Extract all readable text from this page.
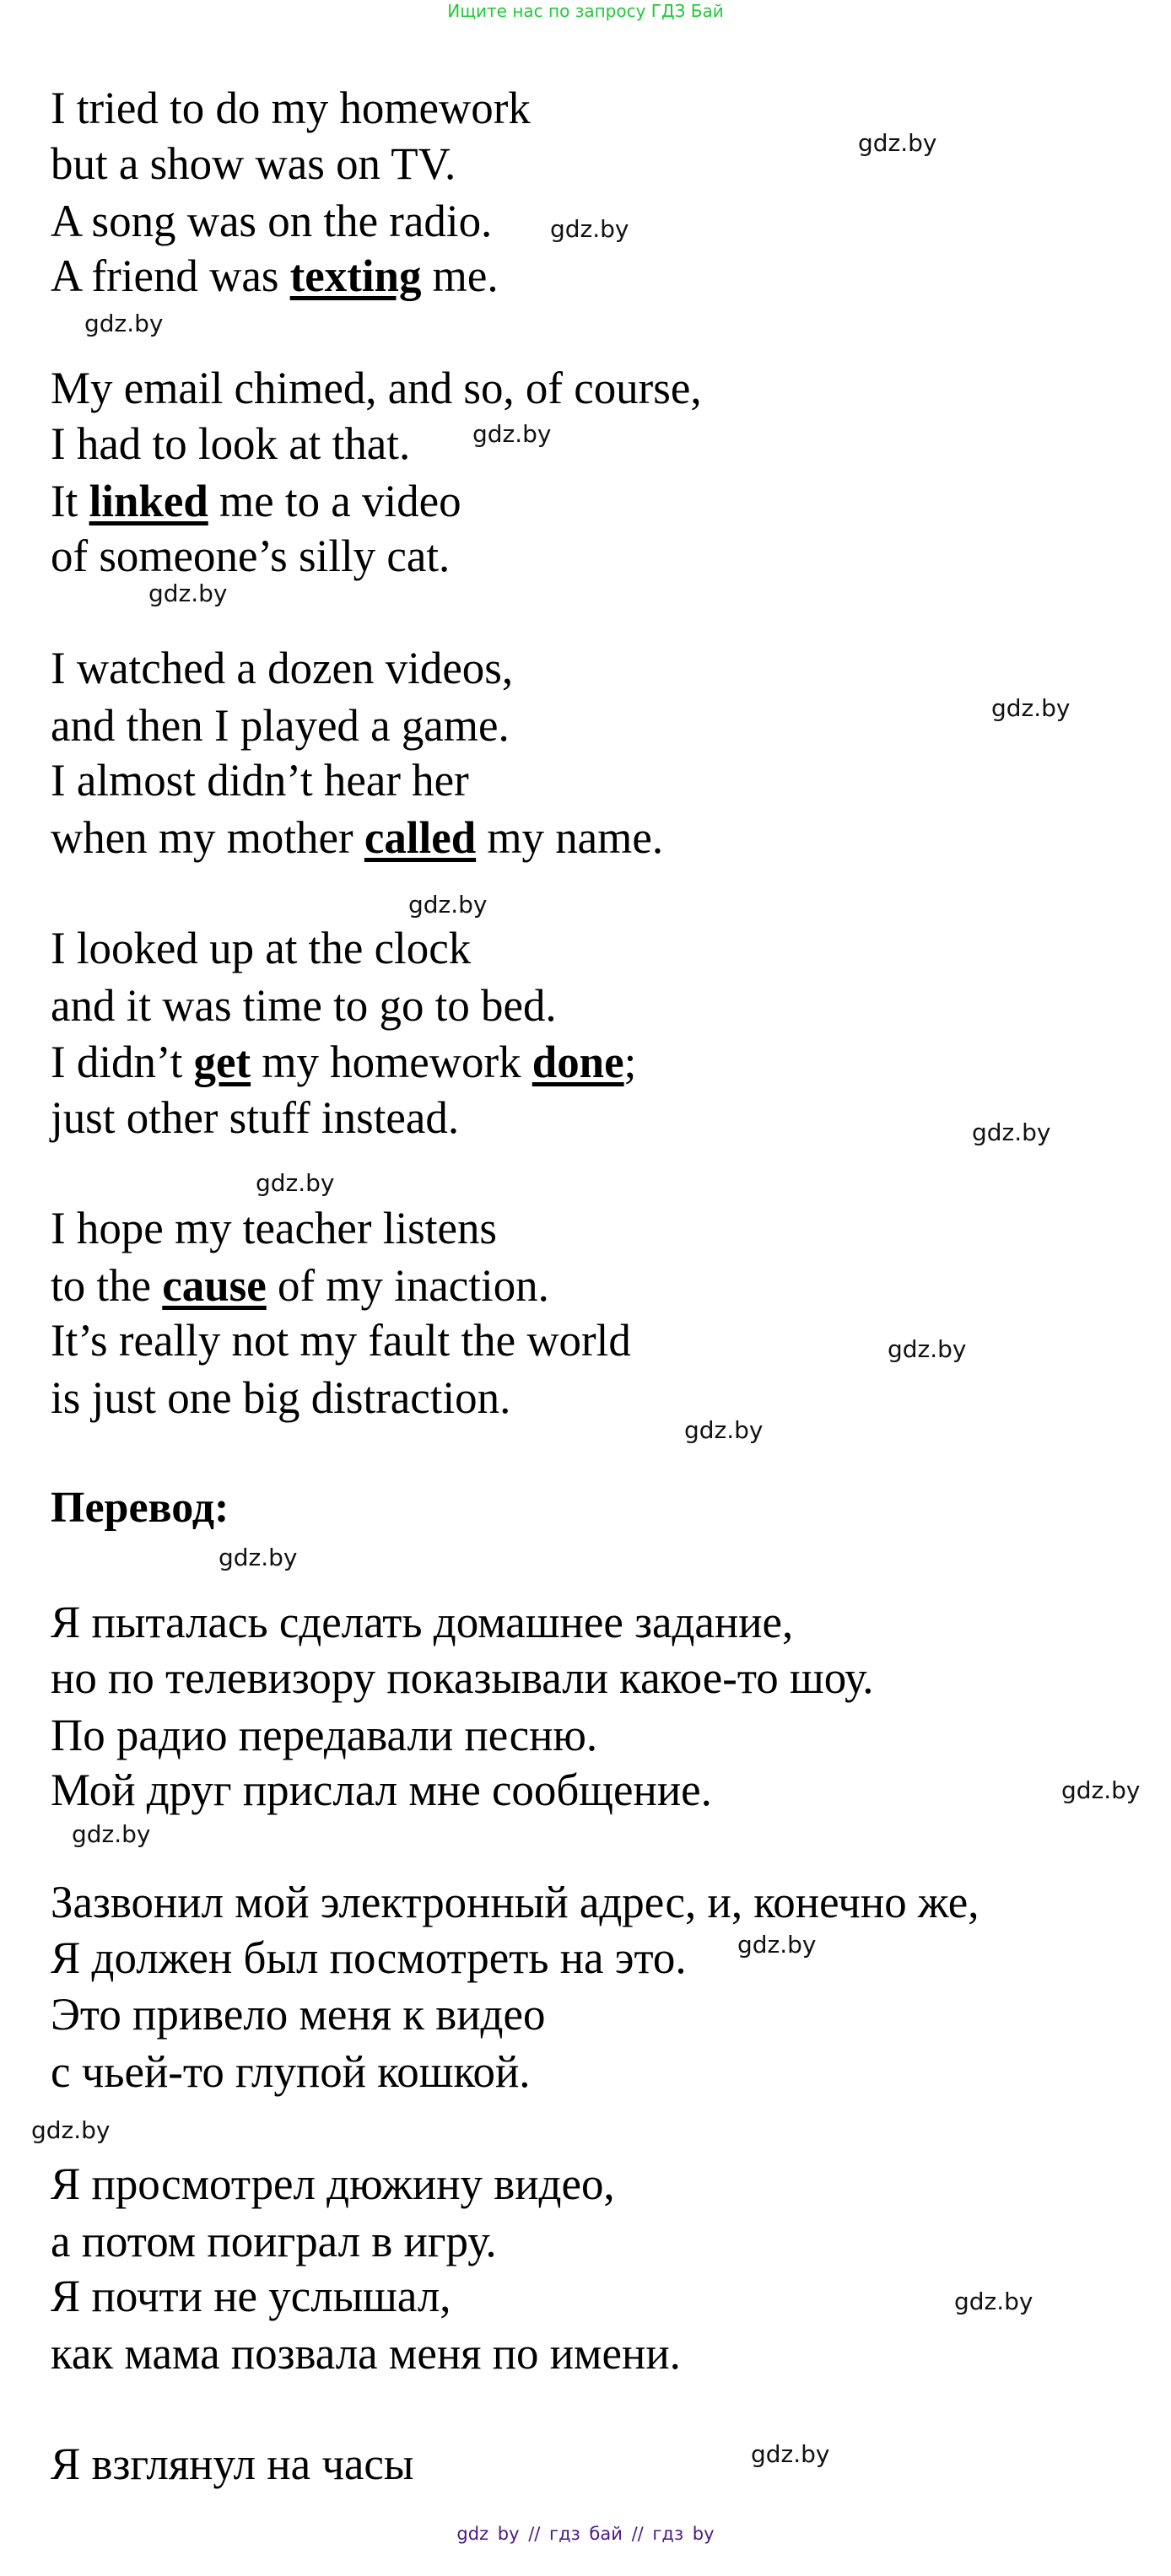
Ищите нас по запросу ГДЗ Бай
I tried to do my homework
but a show was on TV.
A song was on the radio.
A friend was texting me.
My email chimed, and so, of course,
I had to look at that.
It linked me to a video
of someone’s silly cat.
I watched a dozen videos,
and then I played a game.
I almost didn’t hear her
when my mother called my name.
I looked up at the clock
and it was time to go to bed.
I didn’t get my homework done;
just other stuff instead.
I hope my teacher listens
to the cause of my inaction.
It’s really not my fault the world
is just one big distraction.
Перевод:
Я пыталась сделать домашнее задание,
но по телевизору показывали какое-то шоу.
По радио передавали песню.
Мой друг прислал мне сообщение.
Зазвонил мой электронный адрес, и, конечно же,
Я должен был посмотреть на это.
Это привело меня к видео
с чьей-то глупой кошкой.
Я просмотрел дюжину видео,
а потом поиграл в игру.
Я почти не услышал,
как мама позвала меня по имени.
Я взглянул на часы
gdz.by
gdz.by
gdz.by
gdz.by
gdz.by
gdz.by
gdz.by
gdz.by
gdz.by
gdz.by
gdz.by
gdz.by
gdz.by
gdz.by
gdz.by
gdz.by
gdz.by
gdz.by
gdz by // гдз бай // гдз by
